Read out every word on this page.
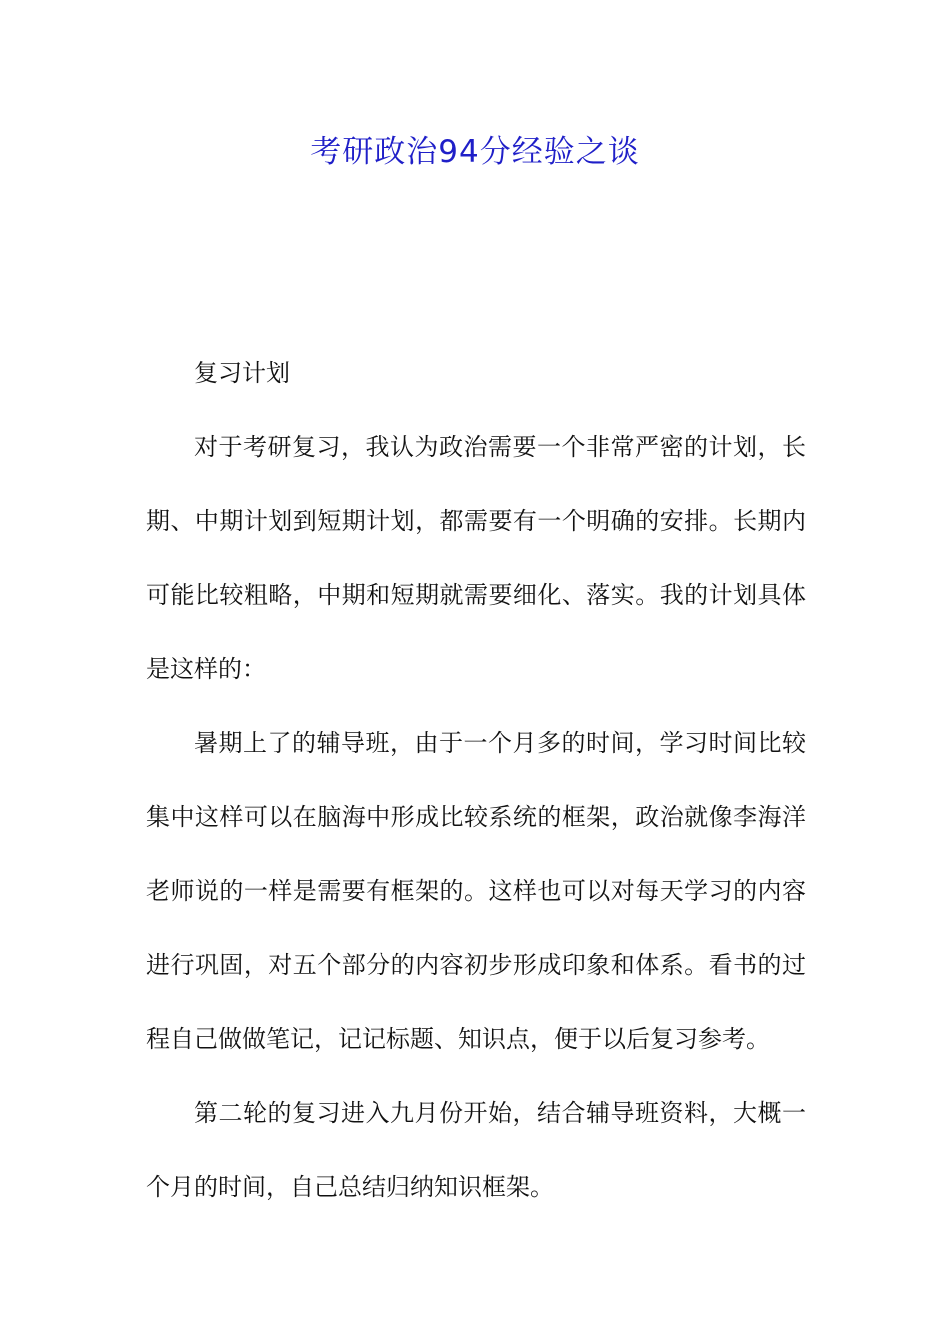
考研政治94分经验之谈

复习计划

对于考研复习，我认为政治需要一个非常严密的计划，长期、中期计划到短期计划，都需要有一个明确的安排。长期内可能比较粗略，中期和短期就需要细化、落实。我的计划具体是这样的：

暑期上了的辅导班，由于一个月多的时间，学习时间比较集中这样可以在脑海中形成比较系统的框架，政治就像李海洋老师说的一样是需要有框架的。这样也可以对每天学习的内容进行巩固，对五个部分的内容初步形成印象和体系。看书的过程自己做做笔记，记记标题、知识点，便于以后复习参考。

第二轮的复习进入九月份开始，结合辅导班资料，大概一个月的时间，自己总结归纳知识框架。
